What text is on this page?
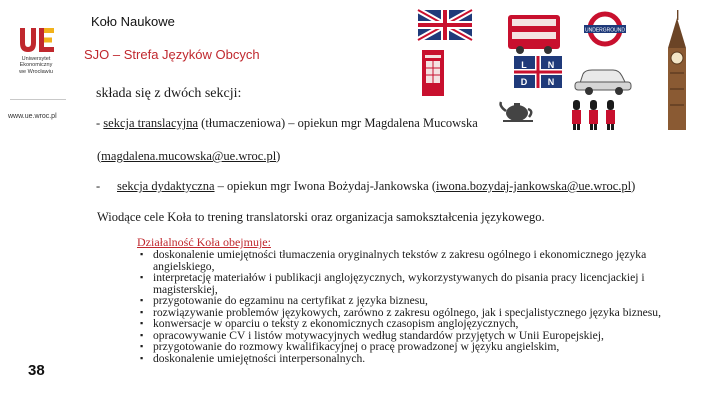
Uniwersytet
Ekonomiczny
we Wrocławiu
www.ue.wroc.pl
38
Koło Naukowe
SJO – Strefa Języków Obcych
UNDERGROUND
L N
D N
składa się z dwóch sekcji:
- sekcja translacyjna (tłumaczeniowa) – opiekun mgr Magdalena Mucowska
(magdalena.mucowska@ue.wroc.pl)
- sekcja dydaktyczna – opiekun mgr Iwona Bożydaj-Jankowska (iwona.bozydaj-jankowska@ue.wroc.pl)
Wiodące cele Koła to trening translatorski oraz organizacja samokształcenia językowego.
Działalność Koła obejmuje:
▪ doskonalenie umiejętności tłumaczenia oryginalnych tekstów z zakresu ogólnego i ekonomicznego języka angielskiego,
▪ interpretację materiałów i publikacji anglojęzycznych, wykorzystywanych do pisania pracy licencjackiej i magisterskiej,
▪ przygotowanie do egzaminu na certyfikat z języka biznesu,
▪ rozwiązywanie problemów językowych, zarówno z zakresu ogólnego, jak i specjalistycznego języka biznesu,
▪ konwersacje w oparciu o teksty z ekonomicznych czasopism anglojęzycznych,
▪ opracowywanie CV i listów motywacyjnych według standardów przyjętych w Unii Europejskiej,
▪ przygotowanie do rozmowy kwalifikacyjnej o pracę prowadzonej w języku angielskim,
▪ doskonalenie umiejętności interpersonalnych.
